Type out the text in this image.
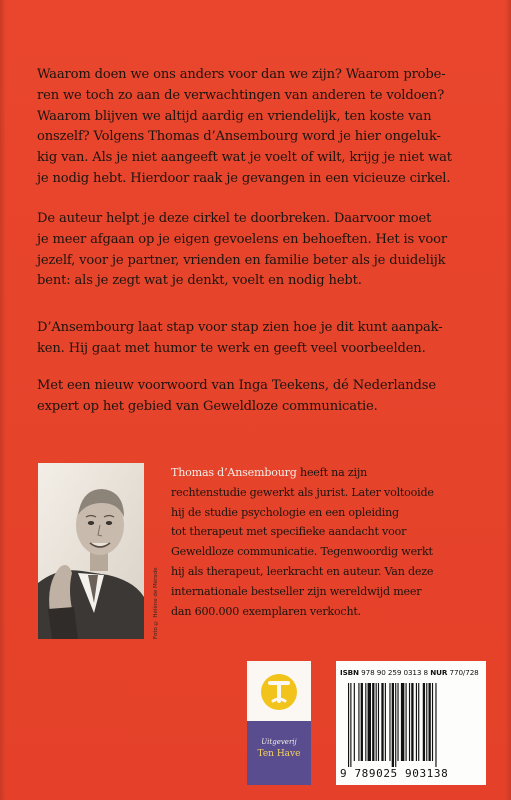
Waarom doen we ons anders voor dan we zijn? Waarom probe-
ren we toch zo aan de verwachtingen van anderen te voldoen?
Waarom blijven we altijd aardig en vriendelijk, ten koste van
onszelf? Volgens Thomas d’Ansembourg word je hier ongeluk-
kig van. Als je niet aangeeft wat je voelt of wilt, krijg je niet wat
je nodig hebt. Hierdoor raak je gevangen in een vicieuze cirkel.
De auteur helpt je deze cirkel te doorbreken. Daarvoor moet
je meer afgaan op je eigen gevoelens en behoeften. Het is voor
jezelf, voor je partner, vrienden en familie beter als je duidelijk
bent: als je zegt wat je denkt, voelt en nodig hebt.
D’Ansembourg laat stap voor stap zien hoe je dit kunt aanpak-
ken. Hij gaat met humor te werk en geeft veel voorbeelden.
Met een nieuw voorwoord van Inga Teekens, dé Nederlandse
expert op het gebied van Geweldloze communicatie.
Foto © Hélène de Mérode
Thomas d’Ansembourg heeft na zijn
rechtenstudie gewerkt als jurist. Later voltooide
hij de studie psychologie en een opleiding
tot therapeut met specifieke aandacht voor
Geweldloze communicatie. Tegenwoordig werkt
hij als therapeut, leerkracht en auteur. Van deze
internationale bestseller zijn wereldwijd meer
dan 600.000 exemplaren verkocht.
Uitgeverij
Ten Have
ISBN 978 90 259 0313 8 NUR 770/728
9 789025 903138
